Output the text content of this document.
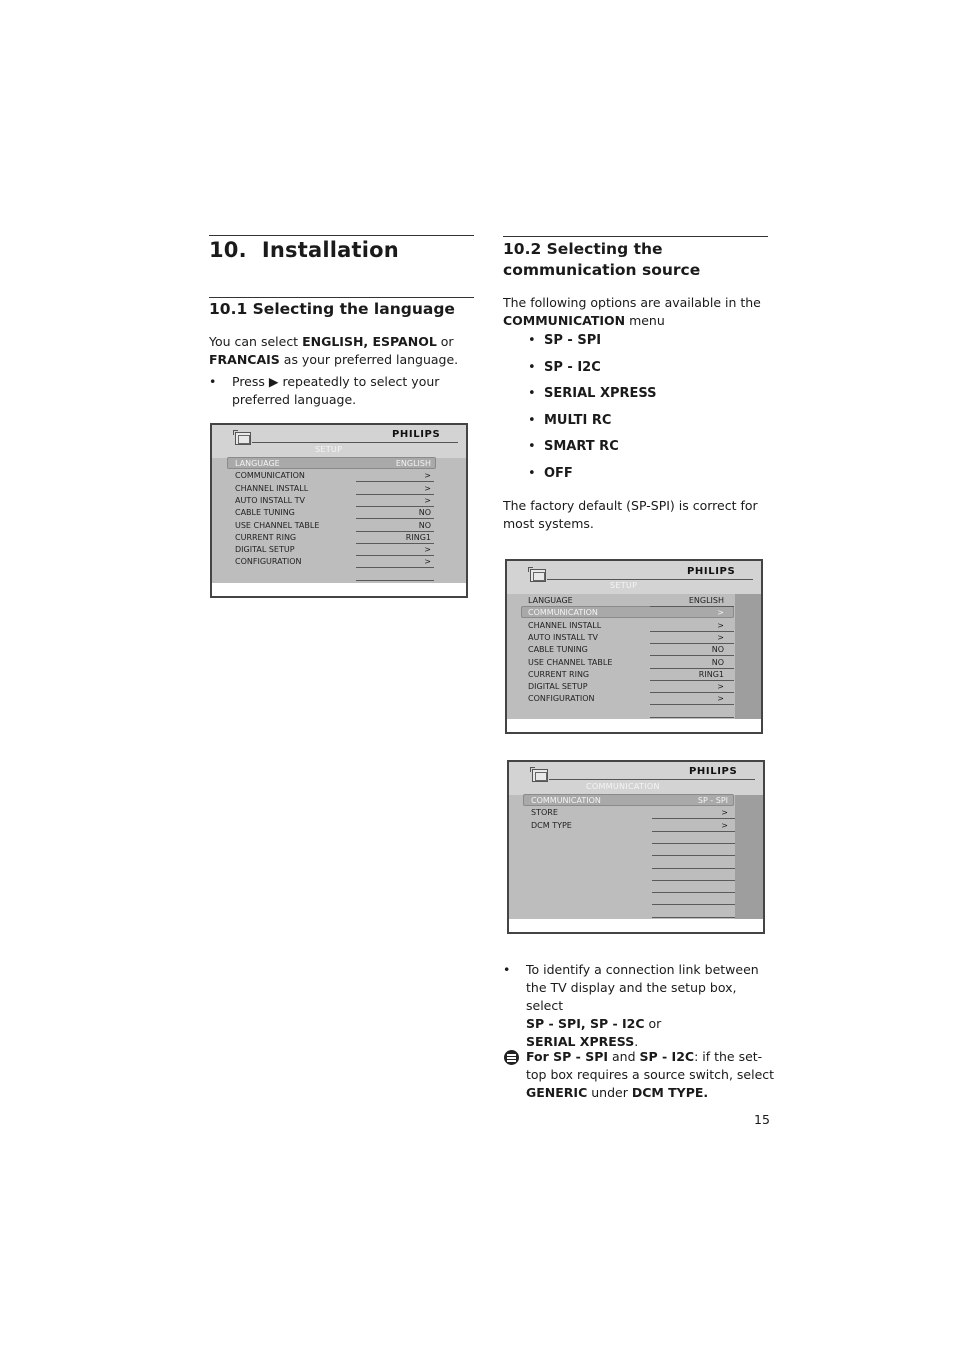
10. Installation
10.1 Selecting the language
You can select ENGLISH, ESPANOL or
FRANCAIS as your preferred language.
• Press ▶ repeatedly to select your
preferred language.
PHILIPS
SETUP
LANGUAGE	ENGLISH
COMMUNICATION	>
CHANNEL INSTALL	>
AUTO INSTALL TV	>
CABLE TUNING	NO
USE CHANNEL TABLE	NO
CURRENT RING	RING1
DIGITAL SETUP	>
CONFIGURATION	>
10.2 Selecting the
communication source
The following options are available in the
COMMUNICATION menu
• SP - SPI
• SP - I2C
• SERIAL XPRESS
• MULTI RC
• SMART RC
• OFF
The factory default (SP-SPI) is correct for
most systems.
PHILIPS
SETUP
LANGUAGE	ENGLISH
COMMUNICATION	>
CHANNEL INSTALL	>
AUTO INSTALL TV	>
CABLE TUNING	NO
USE CHANNEL TABLE	NO
CURRENT RING	RING1
DIGITAL SETUP	>
CONFIGURATION	>
PHILIPS
COMMUNICATION
COMMUNICATION	SP - SPI
STORE	>
DCM TYPE	>
• To identify a connection link between
the TV display and the setup box, select
SP - SPI, SP - I2C or
SERIAL XPRESS.
For SP - SPI and SP - I2C: if the set-
top box requires a source switch, select
GENERIC under DCM TYPE.
15
